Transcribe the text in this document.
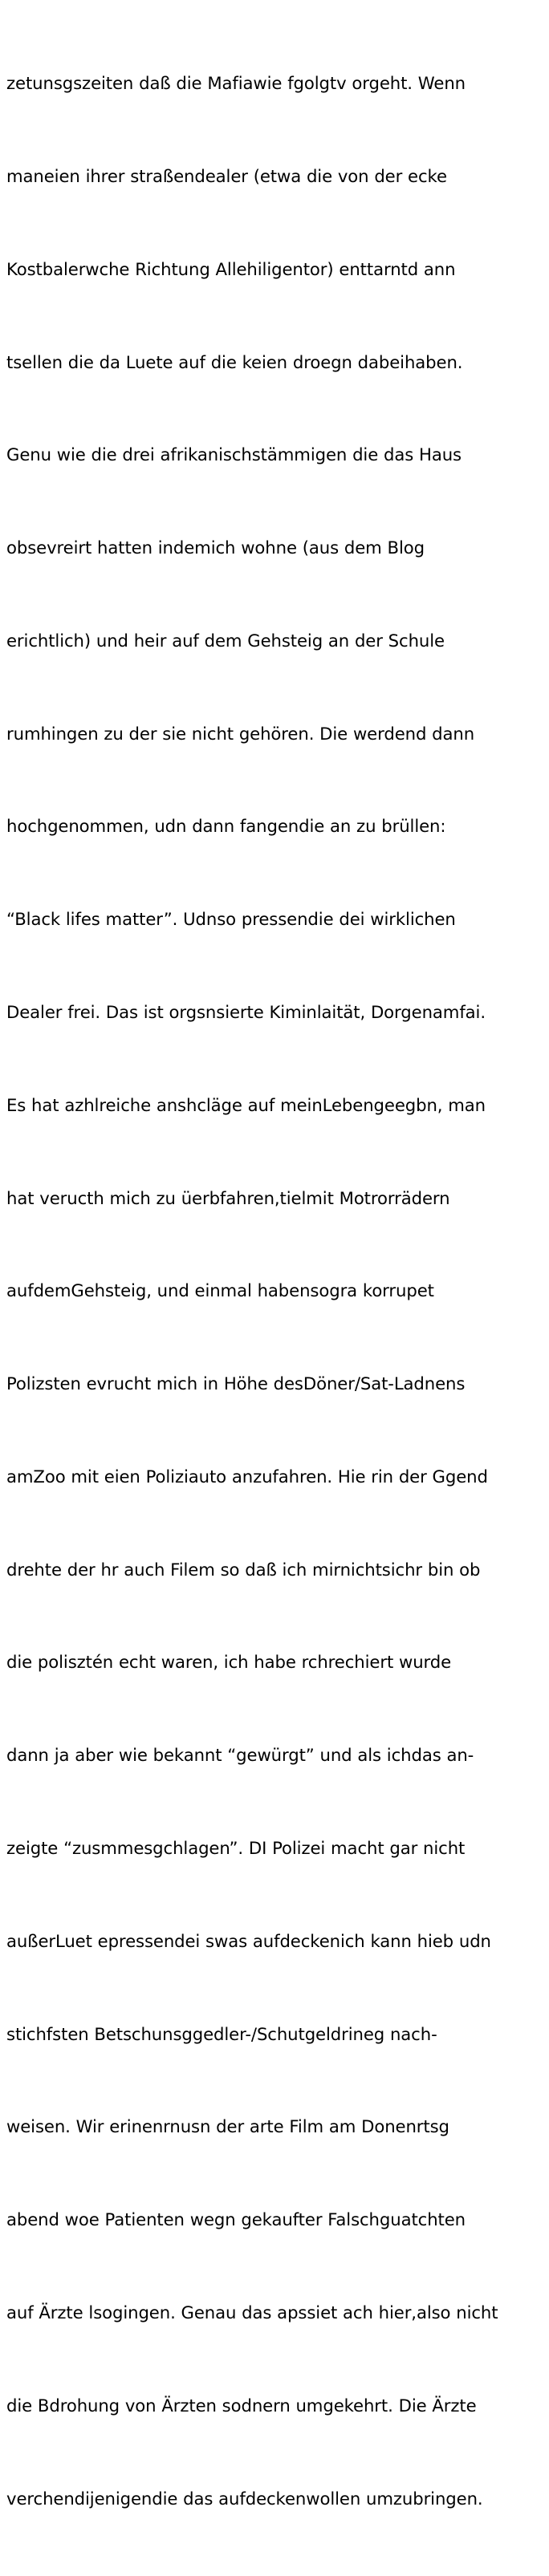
zetunsgszeiten daß die Mafiawie fgolgtv orgeht. Wenn

maneien ihrer straßendealer (etwa die von der ecke

Kostbalerwche Richtung Allehiligentor) enttarntd ann

tsellen die da Luete auf die keien droegn dabeihaben.

Genu wie die drei afrikanischstämmigen die das Haus

obsevreirt hatten indemich wohne (aus dem Blog

erichtlich) und heir auf dem Gehsteig an der Schule

rumhingen zu der sie nicht gehören. Die werdend dann

hochgenommen, udn dann fangendie an zu brüllen:

“Black lifes matter”. Udnso pressendie dei wirklichen

Dealer frei. Das ist orgsnsierte Kiminlaität, Dorgenamfai.

Es hat azhlreiche anshcläge auf meinLebengeegbn, man

hat veructh mich zu üerbfahren,tielmit Motrorrädern

aufdemGehsteig, und einmal habensogra korrupet

Polizsten evrucht mich in Höhe desDöner/Sat-Ladnens

amZoo mit eien Poliziauto anzufahren. Hie rin der Ggend

drehte der hr auch Filem so daß ich mirnichtsichr bin ob

die polisztén echt waren, ich habe rchrechiert wurde

dann ja aber wie bekannt “gewürgt” und als ichdas an-

zeigte “zusmmesgchlagen”. DI Polizei macht gar nicht

außerLuet epressendei swas aufdeckenich kann hieb udn

stichfsten Betschunsggedler-/Schutgeldrineg nach-

weisen. Wir erinenrnusn der arte Film am Donenrtsg

abend woe Patienten wegn gekaufter Falschguatchten

auf Ärzte lsogingen. Genau das apssiet ach hier,also nicht

die Bdrohung von Ärzten sodnern umgekehrt. Die Ärzte

verchendijenigendie das aufdeckenwollen umzubringen.
